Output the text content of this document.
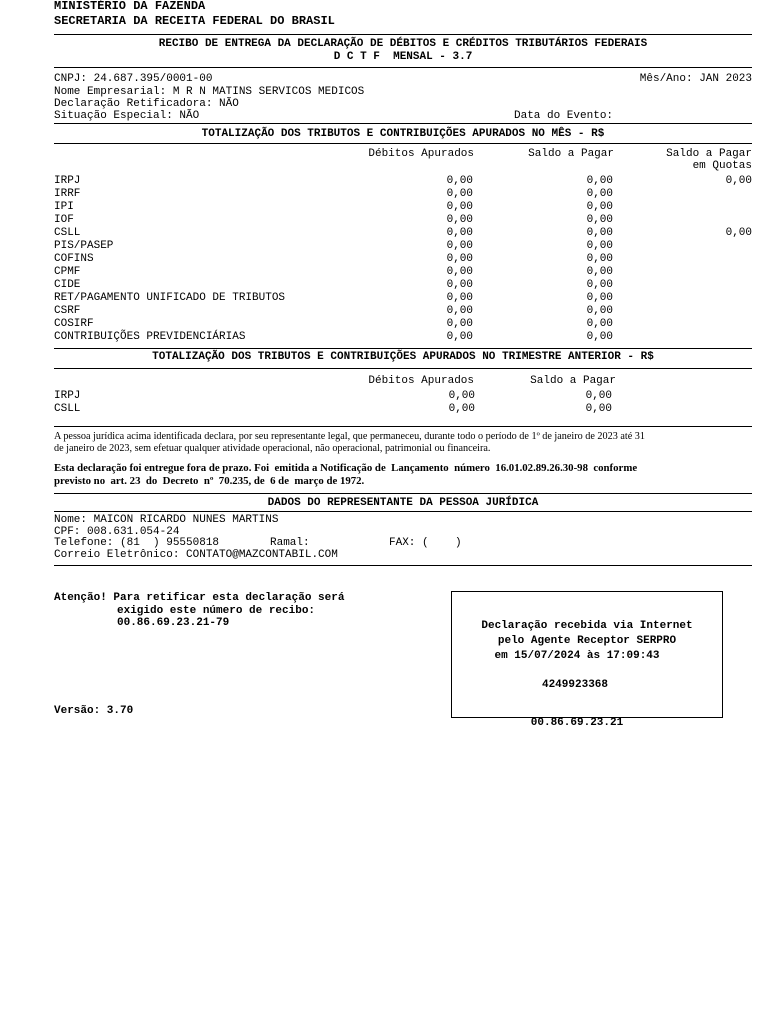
MINISTÉRIO DA FAZENDA
SECRETARIA DA RECEITA FEDERAL DO BRASIL
RECIBO DE ENTREGA DA DECLARAÇÃO DE DÉBITOS E CRÉDITOS TRIBUTÁRIOS FEDERAIS
D C T F  MENSAL - 3.7
CNPJ: 24.687.395/0001-00	Mês/Ano: JAN 2023
Nome Empresarial: M R N MATINS SERVICOS MEDICOS
Declaração Retificadora: NÃO
Situação Especial: NÃO	Data do Evento:
TOTALIZAÇÃO DOS TRIBUTOS E CONTRIBUIÇÕES APURADOS NO MÊS - R$
Débitos Apurados	Saldo a Pagar	Saldo a Pagar
em Quotas
IRPJ	0,00	0,00	0,00
IRRF	0,00	0,00
IPI	0,00	0,00
IOF	0,00	0,00
CSLL	0,00	0,00	0,00
PIS/PASEP	0,00	0,00
COFINS	0,00	0,00
CPMF	0,00	0,00
CIDE	0,00	0,00
RET/PAGAMENTO UNIFICADO DE TRIBUTOS	0,00	0,00
CSRF	0,00	0,00
COSIRF	0,00	0,00
CONTRIBUIÇÕES PREVIDENCIÁRIAS	0,00	0,00
TOTALIZAÇÃO DOS TRIBUTOS E CONTRIBUIÇÕES APURADOS NO TRIMESTRE ANTERIOR - R$
Débitos Apurados	Saldo a Pagar
IRPJ	0,00	0,00
CSLL	0,00	0,00
A pessoa jurídica acima identificada declara, por seu representante legal, que permaneceu, durante todo o período de 1º de janeiro de 2023 até 31
de janeiro de 2023, sem efetuar qualquer atividade operacional, não operacional, patrimonial ou financeira.
Esta declaração foi entregue fora de prazo. Foi  emitida a Notificação de  Lançamento  número  16.01.02.89.26.30-98  conforme
previsto no  art. 23  do  Decreto  nº  70.235, de  6 de  março de 1972.
DADOS DO REPRESENTANTE DA PESSOA JURÍDICA
Nome: MAICON RICARDO NUNES MARTINS
CPF: 008.631.054-24
Telefone: (81  ) 95550818	Ramal:	FAX: (    )
Correio Eletrônico: CONTATO@MAZCONTABIL.COM
Atenção! Para retificar esta declaração será
exigido este número de recibo:
00.86.69.23.21-79
Versão: 3.70
Declaração recebida via Internet
pelo Agente Receptor SERPRO
em 15/07/2024 às 17:09:43
4249923368
00.86.69.23.21
